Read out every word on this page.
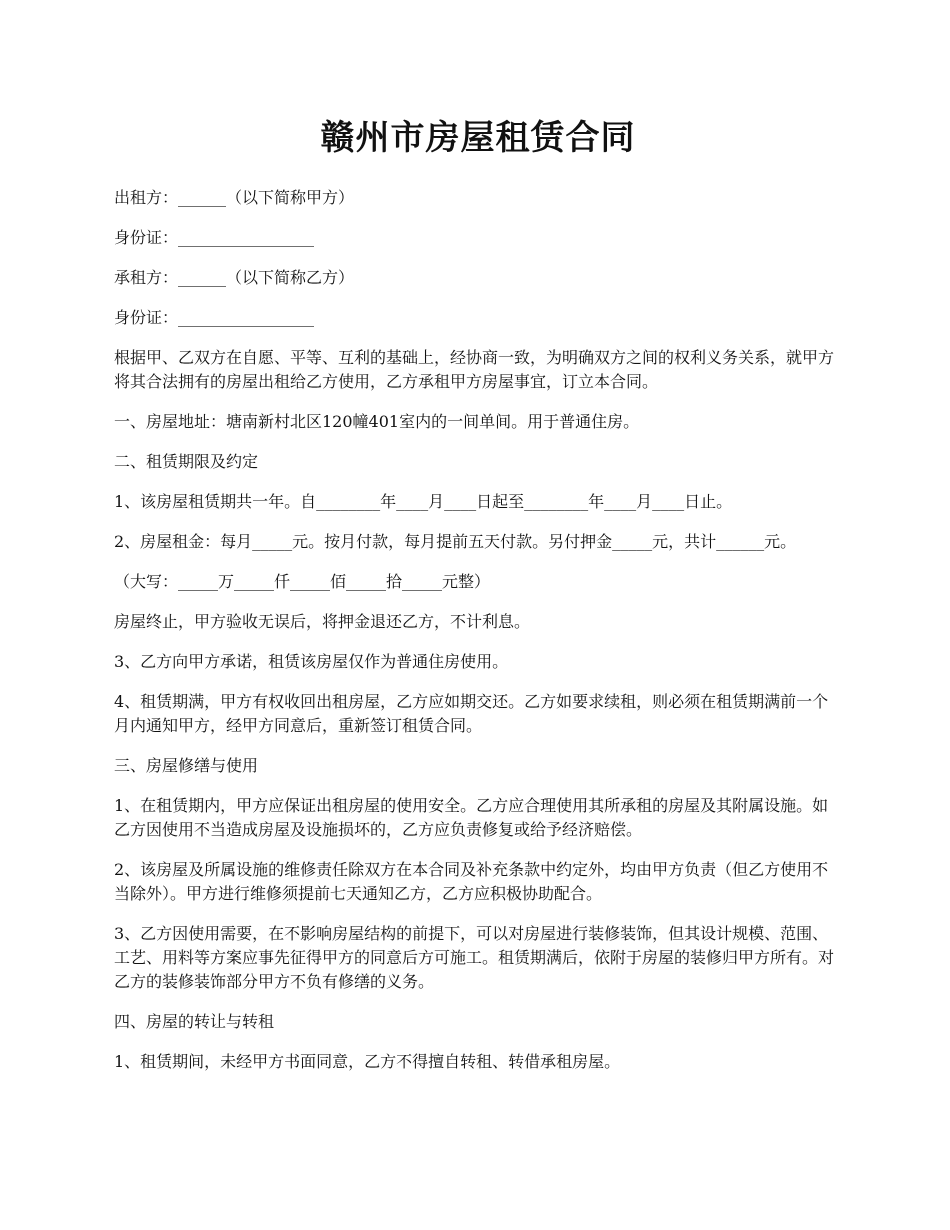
赣州市房屋租赁合同

出租方：______（以下简称甲方）

身份证：_________________

承租方：______（以下简称乙方）

身份证：_________________

根据甲、乙双方在自愿、平等、互利的基础上，经协商一致，为明确双方之间的权利义务关系，就甲方将其合法拥有的房屋出租给乙方使用，乙方承租甲方房屋事宜，订立本合同。

一、房屋地址：塘南新村北区120幢401室内的一间单间。用于普通住房。

二、租赁期限及约定

1、该房屋租赁期共一年。自________年____月____日起至________年____月____日止。

2、房屋租金：每月_____元。按月付款，每月提前五天付款。另付押金_____元，共计______元。

（大写：_____万_____仟_____佰_____拾_____元整）

房屋终止，甲方验收无误后，将押金退还乙方，不计利息。

3、乙方向甲方承诺，租赁该房屋仅作为普通住房使用。

4、租赁期满，甲方有权收回出租房屋，乙方应如期交还。乙方如要求续租，则必须在租赁期满前一个月内通知甲方，经甲方同意后，重新签订租赁合同。

三、房屋修缮与使用

1、在租赁期内，甲方应保证出租房屋的使用安全。乙方应合理使用其所承租的房屋及其附属设施。如乙方因使用不当造成房屋及设施损坏的，乙方应负责修复或给予经济赔偿。

2、该房屋及所属设施的维修责任除双方在本合同及补充条款中约定外，均由甲方负责（但乙方使用不当除外）。甲方进行维修须提前七天通知乙方，乙方应积极协助配合。

3、乙方因使用需要，在不影响房屋结构的前提下，可以对房屋进行装修装饰，但其设计规模、范围、工艺、用料等方案应事先征得甲方的同意后方可施工。租赁期满后，依附于房屋的装修归甲方所有。对乙方的装修装饰部分甲方不负有修缮的义务。

四、房屋的转让与转租

1、租赁期间，未经甲方书面同意，乙方不得擅自转租、转借承租房屋。
